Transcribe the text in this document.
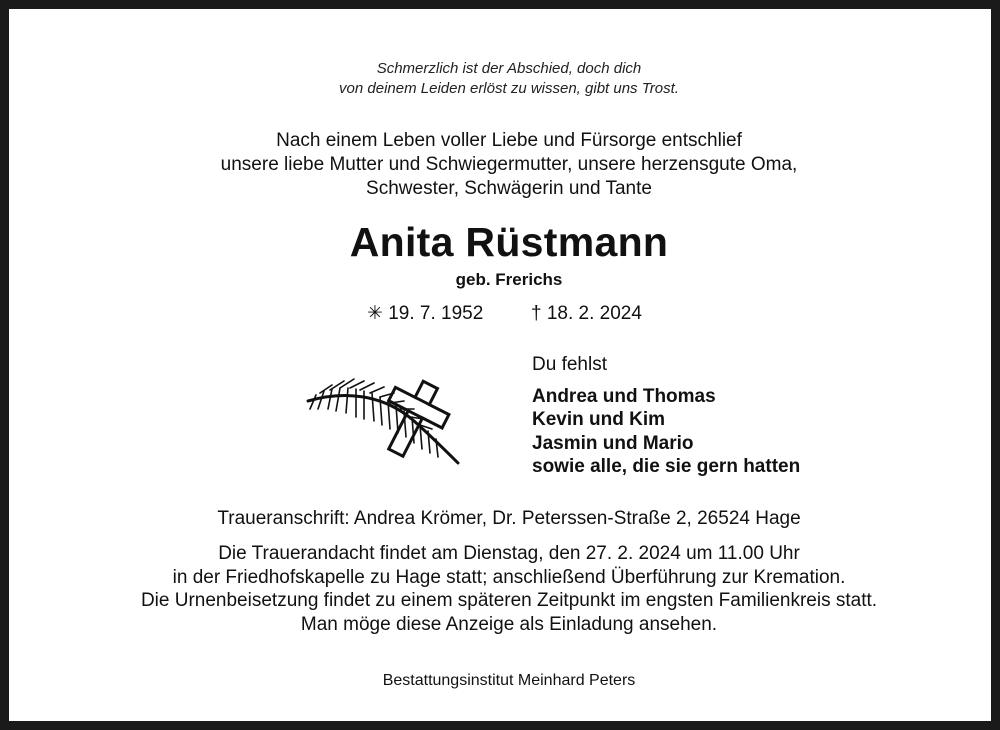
Schmerzlich ist der Abschied, doch dich
von deinem Leiden erlöst zu wissen, gibt uns Trost.
Nach einem Leben voller Liebe und Fürsorge entschlief
unsere liebe Mutter und Schwiegermutter, unsere herzensgute Oma,
Schwester, Schwägerin und Tante
Anita Rüstmann
geb. Frerichs
✳ 19. 7. 1952	† 18. 2. 2024
Du fehlst
Andrea und Thomas
Kevin und Kim
Jasmin und Mario
sowie alle, die sie gern hatten
Traueranschrift: Andrea Krömer, Dr. Peterssen-Straße 2, 26524 Hage
Die Trauerandacht findet am Dienstag, den 27. 2. 2024 um 11.00 Uhr
in der Friedhofskapelle zu Hage statt; anschließend Überführung zur Kremation.
Die Urnenbeisetzung findet zu einem späteren Zeitpunkt im engsten Familienkreis statt.
Man möge diese Anzeige als Einladung ansehen.
Bestattungsinstitut Meinhard Peters
